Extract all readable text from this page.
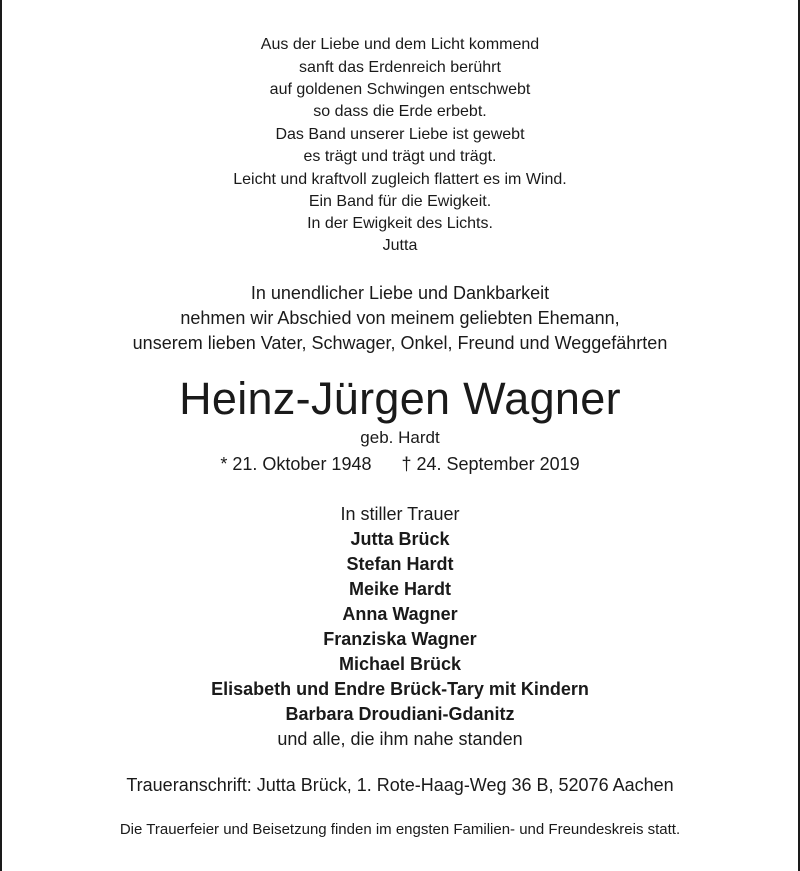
Aus der Liebe und dem Licht kommend

sanft das Erdenreich berührt

auf goldenen Schwingen entschwebt

so dass die Erde erbebt.

Das Band unserer Liebe ist gewebt

es trägt und trägt und trägt.

Leicht und kraftvoll zugleich flattert es im Wind.

Ein Band für die Ewigkeit.

In der Ewigkeit des Lichts.

Jutta

In unendlicher Liebe und Dankbarkeit

nehmen wir Abschied von meinem geliebten Ehemann,

unserem lieben Vater, Schwager, Onkel, Freund und Weggefährten

Heinz-Jürgen Wagner

geb. Hardt

* 21. Oktober 1948 † 24. September 2019

In stiller Trauer

Jutta Brück

Stefan Hardt

Meike Hardt

Anna Wagner

Franziska Wagner

Michael Brück

Elisabeth und Endre Brück-Tary mit Kindern

Barbara Droudiani-Gdanitz

und alle, die ihm nahe standen

Traueranschrift: Jutta Brück, 1. Rote-Haag-Weg 36 B, 52076 Aachen

Die Trauerfeier und Beisetzung finden im engsten Familien- und Freundeskreis statt.
